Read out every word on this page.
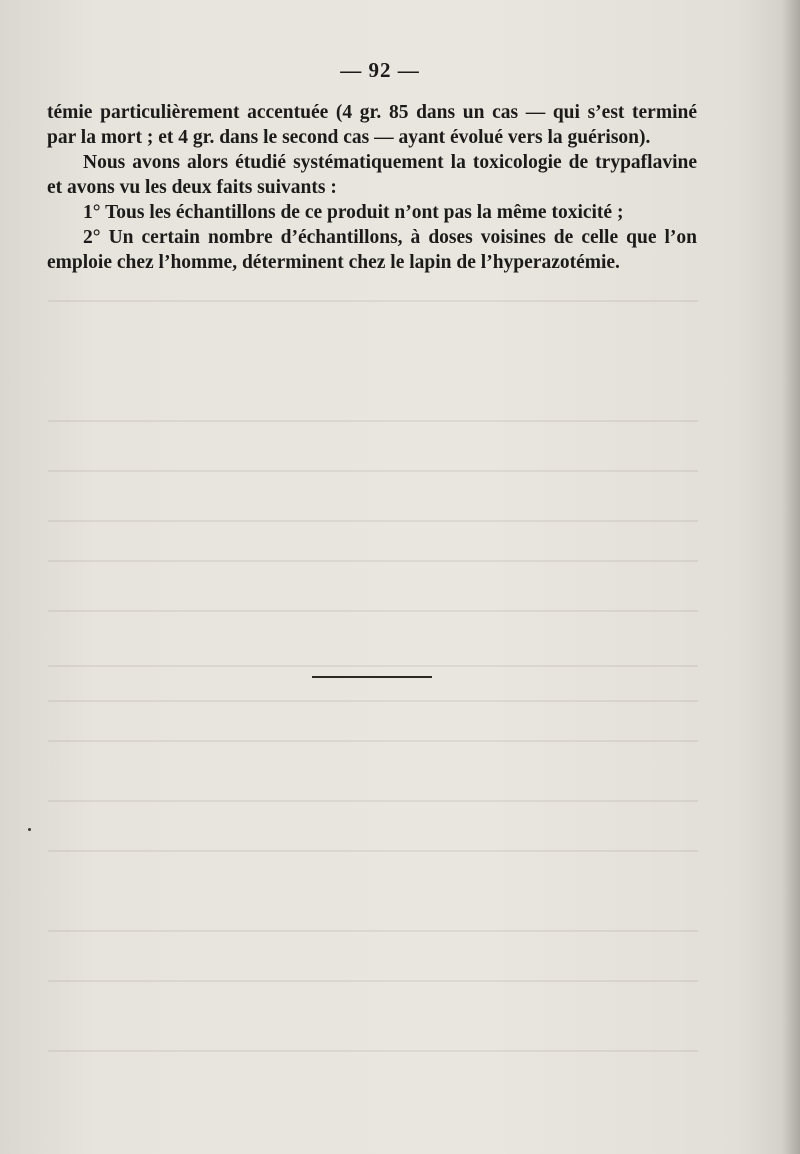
— 92 —

témie particulièrement accentuée (4 gr. 85 dans un cas — qui s’est terminé par la mort ; et 4 gr. dans le second cas — ayant évolué vers la guérison).

Nous avons alors étudié systématiquement la toxicologie de trypaflavine et avons vu les deux faits suivants :

1° Tous les échantillons de ce produit n’ont pas la même toxicité ;

2° Un certain nombre d’échantillons, à doses voisines de celle que l’on emploie chez l’homme, déterminent chez le lapin de l’hyperazotémie.
